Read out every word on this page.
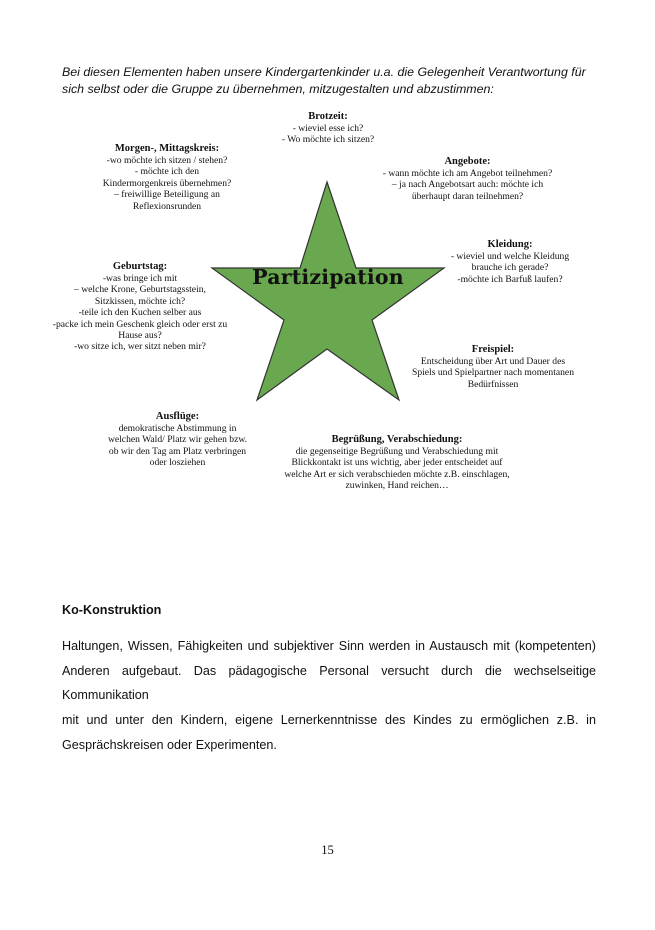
Bei diesen Elementen haben unsere Kindergartenkinder u.a. die Gelegenheit Verantwortung für
sich selbst oder die Gruppe zu übernehmen, mitzugestalten und abzustimmen:
Partizipation
Brotzeit:
- wieviel esse ich?
- Wo möchte ich sitzen?
Morgen-, Mittagskreis:
-wo möchte ich sitzen / stehen?
- möchte ich den
Kindermorgenkreis übernehmen?
– freiwillige Beteiligung an
Reflexionsrunden
Angebote:
- wann möchte ich am Angebot teilnehmen?
– ja nach Angebotsart auch: möchte ich
überhaupt daran teilnehmen?
Kleidung:
- wieviel und welche Kleidung
brauche ich gerade?
-möchte ich Barfuß laufen?
Geburtstag:
-was bringe ich mit
– welche Krone, Geburtstagsstein,
Sitzkissen, möchte ich?
-teile ich den Kuchen selber aus
-packe ich mein Geschenk gleich oder erst zu
Hause aus?
-wo sitze ich, wer sitzt neben mir?	Freispiel:
Entscheidung über Art und Dauer des
Spiels und Spielpartner nach momentanen
Bedürfnissen
Ausflüge:
demokratische Abstimmung in
welchen Wald/ Platz wir gehen bzw.
ob wir den Tag am Platz verbringen
oder losziehen
Begrüßung, Verabschiedung:
die gegenseitige Begrüßung und Verabschiedung mit
Blickkontakt ist uns wichtig, aber jeder entscheidet auf
welche Art er sich verabschieden möchte z.B. einschlagen,
zuwinken, Hand reichen…
Ko-Konstruktion
Haltungen, Wissen, Fähigkeiten und subjektiver Sinn werden in Austausch mit (kompetenten)
Anderen aufgebaut. Das pädagogische Personal versucht durch die wechselseitige Kommunikation
mit und unter den Kindern, eigene Lernerkenntnisse des Kindes zu ermöglichen z.B. in
Gesprächskreisen oder Experimenten.
15
